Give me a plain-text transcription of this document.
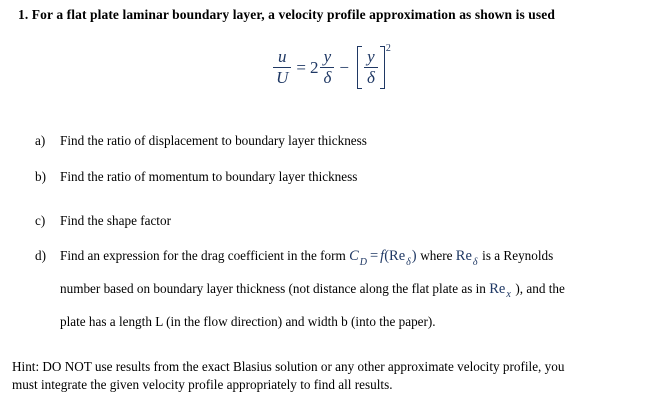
1. For a flat plate laminar boundary layer, a velocity profile approximation as shown is used
$\frac{u}{U} = 2 \frac{y}{\delta} - \frac{y}{\delta} 2$
a) Find the ratio of displacement to boundary layer thickness
b) Find the ratio of momentum to boundary layer thickness
c) Find the shape factor
d) Find an expression for the drag coefficient in the form $C_D = f(Re_\delta)$ where $Re_\delta$ is a Reynolds
number based on boundary layer thickness (not distance along the flat plate as in $Re_x$ ), and the
plate has a length L (in the flow direction) and width b (into the paper).
Hint: DO NOT use results from the exact Blasius solution or any other approximate velocity profile, you
must integrate the given velocity profile appropriately to find all results.
